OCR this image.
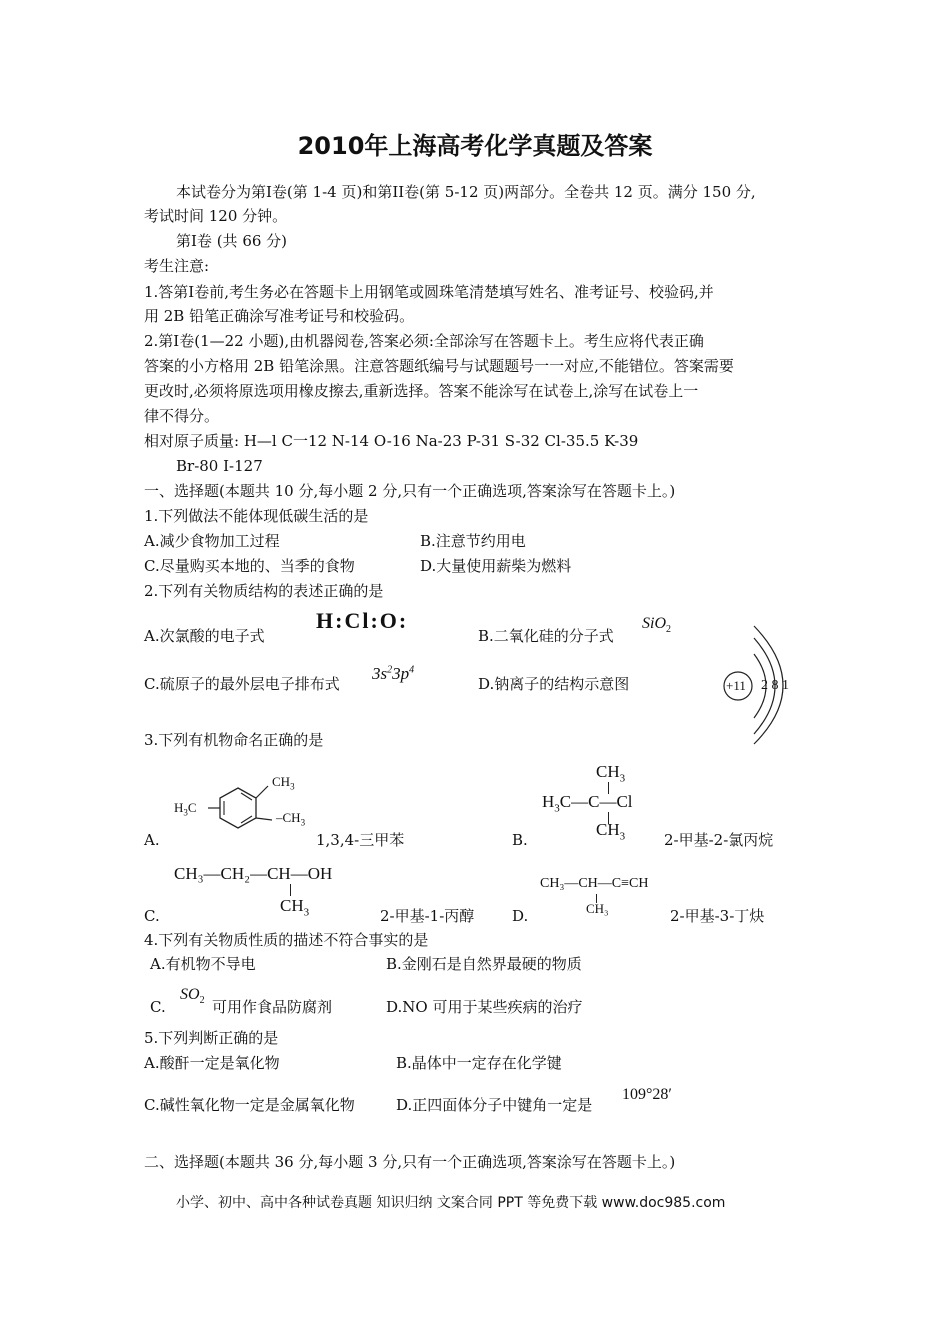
2010年上海高考化学真题及答案
本试卷分为第Ⅰ卷(第 1-4 页)和第ⅠI卷(第 5-12 页)两部分。全卷共 12 页。满分 150 分,
考试时间 120 分钟。
第Ⅰ卷 (共 66 分)
考生注意:
1.答第Ⅰ卷前,考生务必在答题卡上用钢笔或圆珠笔清楚填写姓名、准考证号、校验码,并
用 2B 铅笔正确涂写准考证号和校验码。
2.第Ⅰ卷(1—22 小题),由机器阅卷,答案必须:全部涂写在答题卡上。考生应将代表正确
答案的小方格用 2B 铅笔涂黑。注意答题纸编号与试题题号一一对应,不能错位。答案需要
更改时,必须将原选项用橡皮擦去,重新选择。答案不能涂写在试卷上,涂写在试卷上一
律不得分。
相对原子质量: H—l C一12 N-14 O-16 Na-23 P-31 S-32 Cl-35.5 K-39
Br-80 I-127
一、选择题(本题共 10 分,每小题 2 分,只有一个正确选项,答案涂写在答题卡上。)
1.下列做法不能体现低碳生活的是
A.减少食物加工过程	B.注意节约用电
C.尽量购买本地的、当季的食物	D.大量使用薪柴为燃料
2.下列有关物质结构的表述正确的是
A.次氯酸的电子式
H:Cl:O:
B.二氧化硅的分子式
SiO$_2$
C.硫原子的最外层电子排布式
$3s^23p^4$
D.钠离子的结构示意图	+11 2 8 1
3.下列有机物命名正确的是
A.
$CH_3$
$-CH_3$
$H_3C$
1,3,4-三甲苯	B.
$CH_3$
$H_3C—C—Cl$
$CH_3$	2-甲基-2-氯丙烷
CH₃—CH₂—CH—OH
$CH_3$
C.	2-甲基-1-丙醇
CH₃—CH—C≡CH
CH₃
D.	2-甲基-3-丁炔
4.下列有关物质性质的描述不符合事实的是
A.有机物不导电	B.金刚石是自然界最硬的物质
C.
$SO_2$ 可用作食品防腐剂	D.NO 可用于某些疾病的治疗
5.下列判断正确的是
A.酸酐一定是氧化物	B.晶体中一定存在化学键
C.碱性氧化物一定是金属氧化物	D.正四面体分子中键角一定是
109°28′
二、选择题(本题共 36 分,每小题 3 分,只有一个正确选项,答案涂写在答题卡上。)
小学、初中、高中各种试卷真题 知识归纳 文案合同 PPT 等免费下载 www.doc985.com
